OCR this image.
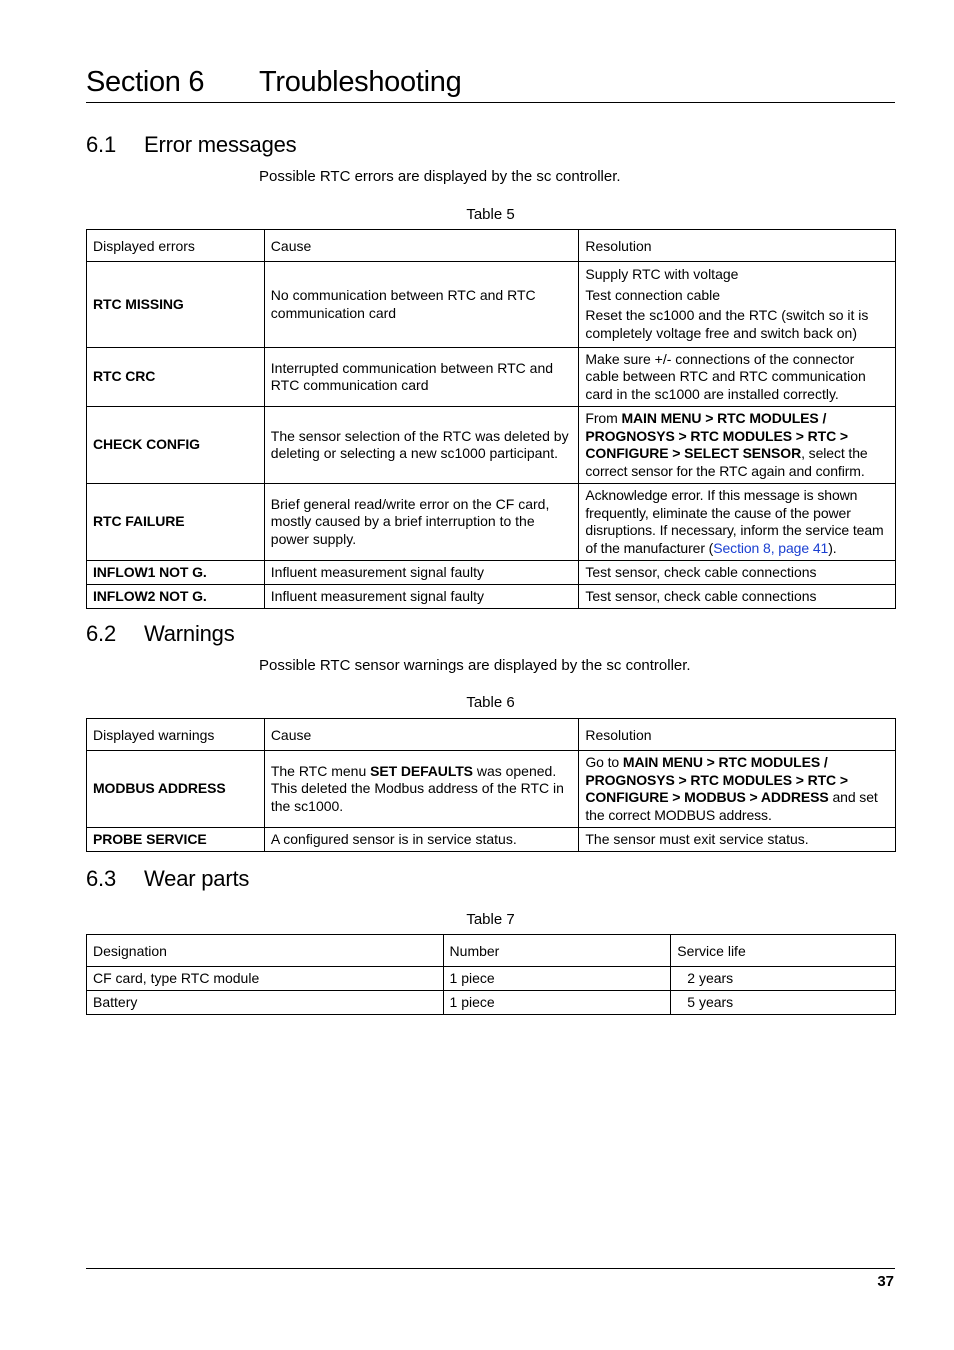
Section 6	Troubleshooting
6.1 Error messages
Possible RTC errors are displayed by the sc controller.
Table 5
Displayed errors	Cause	Resolution
RTC MISSING	No communication between RTC and RTC communication card	Supply RTC with voltage

Test connection cable

Reset the sc1000 and the RTC (switch so it is completely voltage free and switch back on)

RTC CRC	Interrupted communication between RTC and RTC communication card	Make sure +/- connections of the connector cable between RTC and RTC communication card in the sc1000 are installed correctly.
CHECK CONFIG	The sensor selection of the RTC was deleted by deleting or selecting a new sc1000 participant.	From MAIN MENU > RTC MODULES / PROGNOSYS > RTC MODULES > RTC > CONFIGURE > SELECT SENSOR, select the correct sensor for the RTC again and confirm.
RTC FAILURE	Brief general read/write error on the CF card, mostly caused by a brief interruption to the power supply.	Acknowledge error. If this message is shown frequently, eliminate the cause of the power disruptions. If necessary, inform the service team of the manufacturer (Section 8, page 41).
INFLOW1 NOT G.	Influent measurement signal faulty	Test sensor, check cable connections
INFLOW2 NOT G.	Influent measurement signal faulty	Test sensor, check cable connections
6.2 Warnings
Possible RTC sensor warnings are displayed by the sc controller.
Table 6
Displayed warnings	Cause	Resolution
MODBUS ADDRESS	The RTC menu SET DEFAULTS was opened. This deleted the Modbus address of the RTC in the sc1000.	Go to MAIN MENU > RTC MODULES / PROGNOSYS > RTC MODULES > RTC > CONFIGURE > MODBUS > ADDRESS and set the correct MODBUS address.
PROBE SERVICE	A configured sensor is in service status.	The sensor must exit service status.
6.3 Wear parts
Table 7
Designation	Number	Service life
CF card, type RTC module	1 piece	2 years
Battery	1 piece	5 years
37
